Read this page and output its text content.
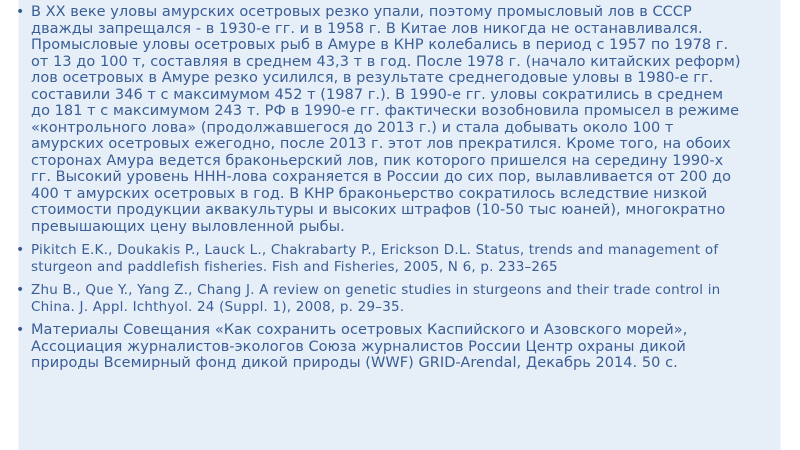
• В ХХ веке уловы амурских осетровых резко упали, поэтому промысловый лов в СССР дважды запрещался - в 1930-е гг. и в 1958 г. В Китае лов никогда не останавливался. Промысловые уловы осетровых рыб в Амуре в КНР колебались в период с 1957 по 1978 г. от 13 до 100 т, составляя в среднем 43,3 т в год. После 1978 г. (начало китайских реформ) лов осетровых в Амуре резко усилился, в результате среднегодовые уловы в 1980-е гг. составили 346 т с максимумом 452 т (1987 г.). В 1990-е гг. уловы сократились в среднем до 181 т с максимумом 243 т. РФ в 1990-е гг. фактически возобновила промысел в режиме «контрольного лова» (продолжавшегося до 2013 г.) и стала добывать около 100 т амурских осетровых ежегодно, после 2013 г. этот лов прекратился. Кроме того, на обоих сторонах Амура ведется браконьерский лов, пик которого пришелся на середину 1990-х гг. Высокий уровень ННН-лова сохраняется в России до сих пор, вылавливается от 200 до 400 т амурских осетровых в год. В КНР браконьерство сократилось вследствие низкой стоимости продукции аквакультуры и высоких штрафов (10-50 тыс юаней), многократно превышающих цену выловленной рыбы.
• Pikitch E.K., Doukakis P., Lauck L., Chakrabarty P., Erickson D.L. Status, trends and management of sturgeon and paddlefish fisheries. Fish and Fisheries, 2005, N 6, p. 233–265
• Zhu B., Que Y., Yang Z., Chang J. A review on genetic studies in sturgeons and their trade control in China. J. Appl. Ichthyol. 24 (Suppl. 1), 2008, p. 29–35.
• Материалы Совещания «Как сохранить осетровых Каспийского и Азовского морей», Ассоциация журналистов-экологов Союза журналистов России Центр охраны дикой природы Всемирный фонд дикой природы (WWF) GRID-Arendal, Декабрь 2014. 50 с.
